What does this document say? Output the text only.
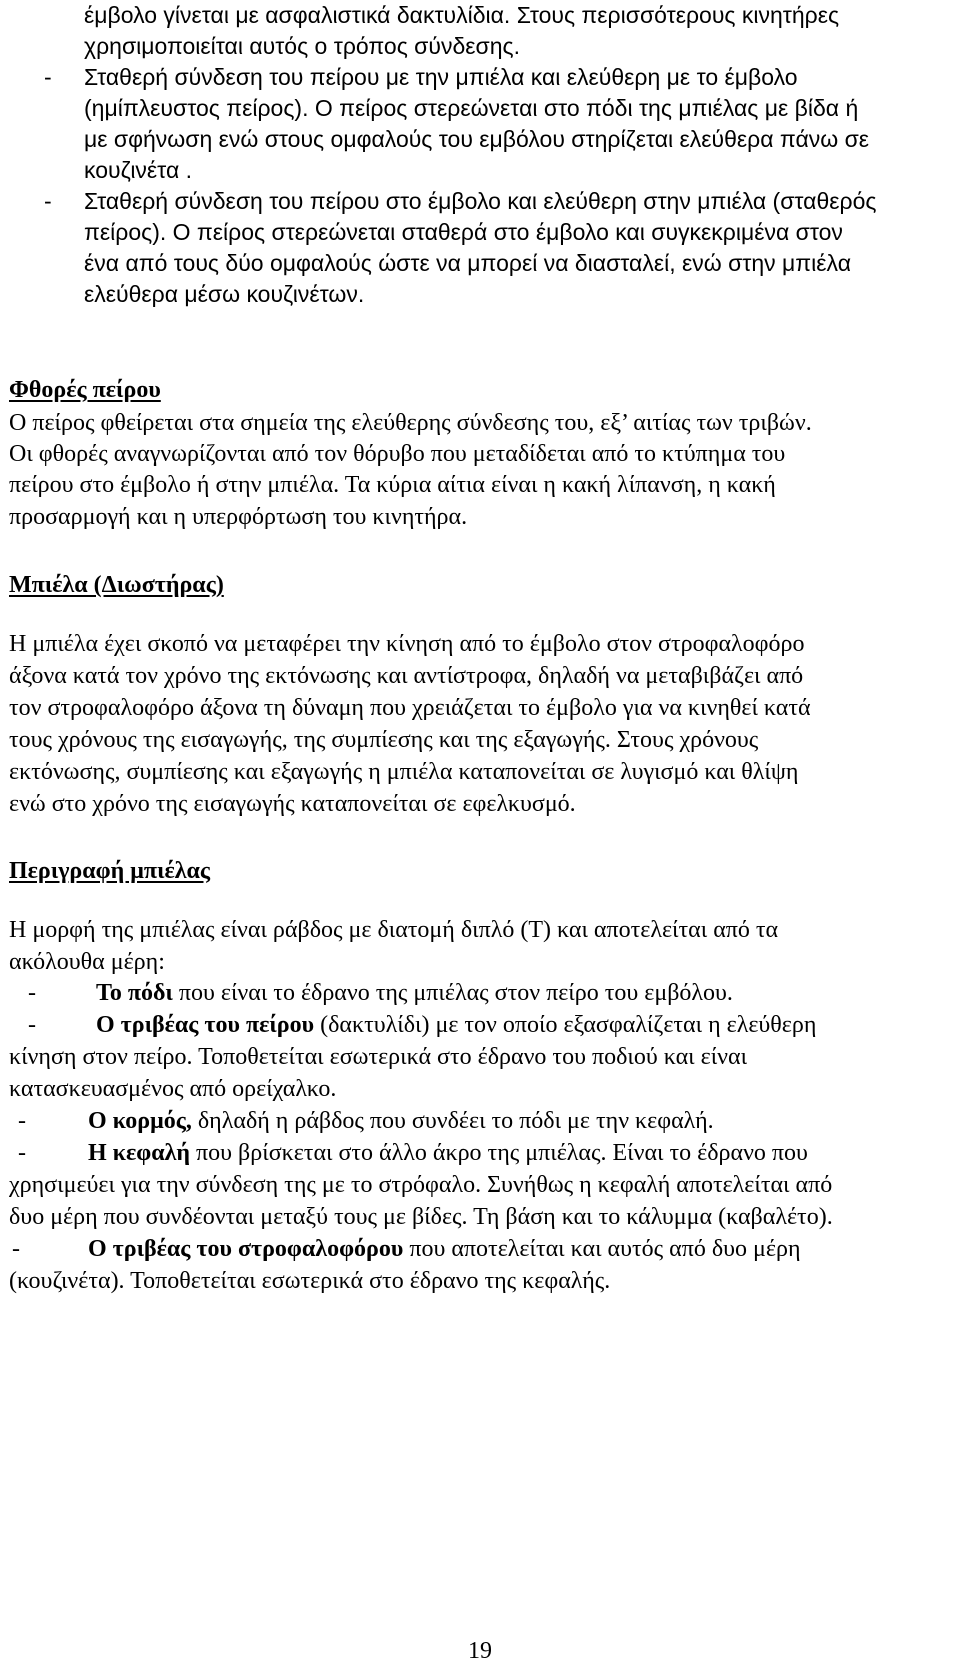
έμβολο γίνεται με ασφαλιστικά δακτυλίδια. Στους περισσότερους κινητήρες

χρησιμοποιείται αυτός ο τρόπος σύνδεσης.

- Σταθερή σύνδεση του πείρου με την μπιέλα και ελεύθερη με το έμβολο

(ημίπλευστος πείρος). Ο πείρος στερεώνεται στο πόδι της μπιέλας με βίδα ή

με σφήνωση ενώ στους ομφαλούς του εμβόλου στηρίζεται ελεύθερα πάνω σε

κουζινέτα .

- Σταθερή σύνδεση του πείρου στο έμβολο και ελεύθερη στην μπιέλα (σταθερός

πείρος). Ο πείρος στερεώνεται σταθερά στο έμβολο και συγκεκριμένα στον

ένα από τους δύο ομφαλούς ώστε να μπορεί να διασταλεί, ενώ στην μπιέλα

ελεύθερα μέσω κουζινέτων.

Φθορές πείρου

Ο πείρος φθείρεται στα σημεία της ελεύθερης σύνδεσης του, εξ’ αιτίας των τριβών.

Οι φθορές αναγνωρίζονται από τον θόρυβο που μεταδίδεται από το κτύπημα του

πείρου στο έμβολο ή στην μπιέλα. Τα κύρια αίτια είναι η κακή λίπανση, η κακή

προσαρμογή και η υπερφόρτωση του κινητήρα.

Μπιέλα (Διωστήρας)

Η μπιέλα έχει σκοπό να μεταφέρει την κίνηση από το έμβολο στον στροφαλοφόρο

άξονα κατά τον χρόνο της εκτόνωσης και αντίστροφα, δηλαδή να μεταβιβάζει από

τον στροφαλοφόρο άξονα τη δύναμη που χρειάζεται το έμβολο για να κινηθεί κατά

τους χρόνους της εισαγωγής, της συμπίεσης και της εξαγωγής. Στους χρόνους

εκτόνωσης, συμπίεσης και εξαγωγής η μπιέλα καταπονείται σε λυγισμό και θλίψη

ενώ στο χρόνο της εισαγωγής καταπονείται σε εφελκυσμό.

Περιγραφή μπιέλας

Η μορφή της μπιέλας είναι ράβδος με διατομή διπλό (Τ) και αποτελείται από τα

ακόλουθα μέρη:

-	Το πόδι που είναι το έδρανο της μπιέλας στον πείρο του εμβόλου.

-	Ο τριβέας του πείρου (δακτυλίδι) με τον οποίο εξασφαλίζεται η ελεύθερη

κίνηση στον πείρο. Τοποθετείται εσωτερικά στο έδρανο του ποδιού και είναι

κατασκευασμένος από ορείχαλκο.

-	Ο κορμός, δηλαδή η ράβδος που συνδέει το πόδι με την κεφαλή.

-	Η κεφαλή που βρίσκεται στο άλλο άκρο της μπιέλας. Είναι το έδρανο που

χρησιμεύει για την σύνδεση της με το στρόφαλο. Συνήθως η κεφαλή αποτελείται από

δυο μέρη που συνδέονται μεταξύ τους με βίδες. Τη βάση και το κάλυμμα (καβαλέτο).

-	Ο τριβέας του στροφαλοφόρου που αποτελείται και αυτός από δυο μέρη

(κουζινέτα). Τοποθετείται εσωτερικά στο έδρανο της κεφαλής.

19
